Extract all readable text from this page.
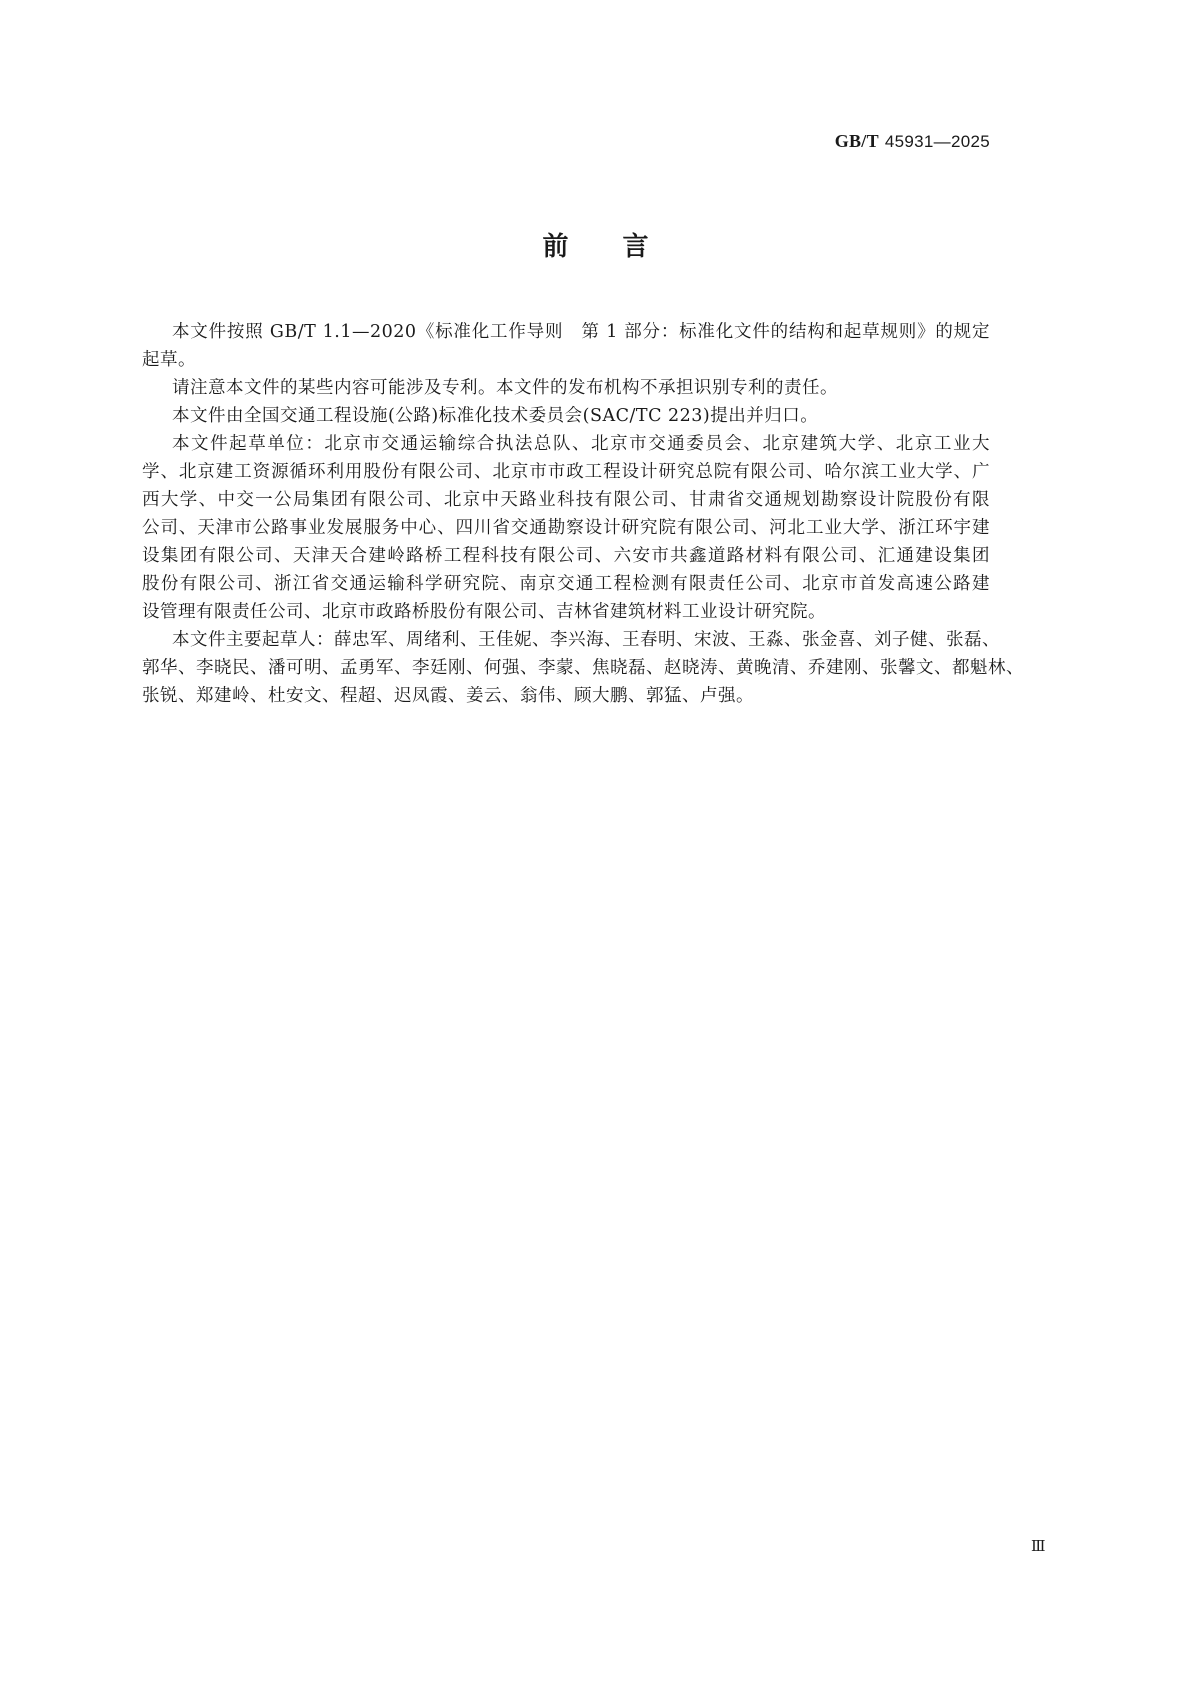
GB/T 45931—2025
前言
本文件按照 GB/T 1.1—2020《标准化工作导则　第 1 部分：标准化文件的结构和起草规则》的规定
起草。
请注意本文件的某些内容可能涉及专利。本文件的发布机构不承担识别专利的责任。
本文件由全国交通工程设施(公路)标准化技术委员会(SAC/TC 223)提出并归口。
本文件起草单位：北京市交通运输综合执法总队、北京市交通委员会、北京建筑大学、北京工业大
学、北京建工资源循环利用股份有限公司、北京市市政工程设计研究总院有限公司、哈尔滨工业大学、广
西大学、中交一公局集团有限公司、北京中天路业科技有限公司、甘肃省交通规划勘察设计院股份有限
公司、天津市公路事业发展服务中心、四川省交通勘察设计研究院有限公司、河北工业大学、浙江环宇建
设集团有限公司、天津天合建岭路桥工程科技有限公司、六安市共鑫道路材料有限公司、汇通建设集团
股份有限公司、浙江省交通运输科学研究院、南京交通工程检测有限责任公司、北京市首发高速公路建
设管理有限责任公司、北京市政路桥股份有限公司、吉林省建筑材料工业设计研究院。
本文件主要起草人：薛忠军、周绪利、王佳妮、李兴海、王春明、宋波、王淼、张金喜、刘子健、张磊、
郭华、李晓民、潘可明、孟勇军、李廷刚、何强、李蒙、焦晓磊、赵晓涛、黄晚清、乔建刚、张馨文、都魁林、
张锐、郑建岭、杜安文、程超、迟凤霞、姜云、翁伟、顾大鹏、郭猛、卢强。
Ⅲ
